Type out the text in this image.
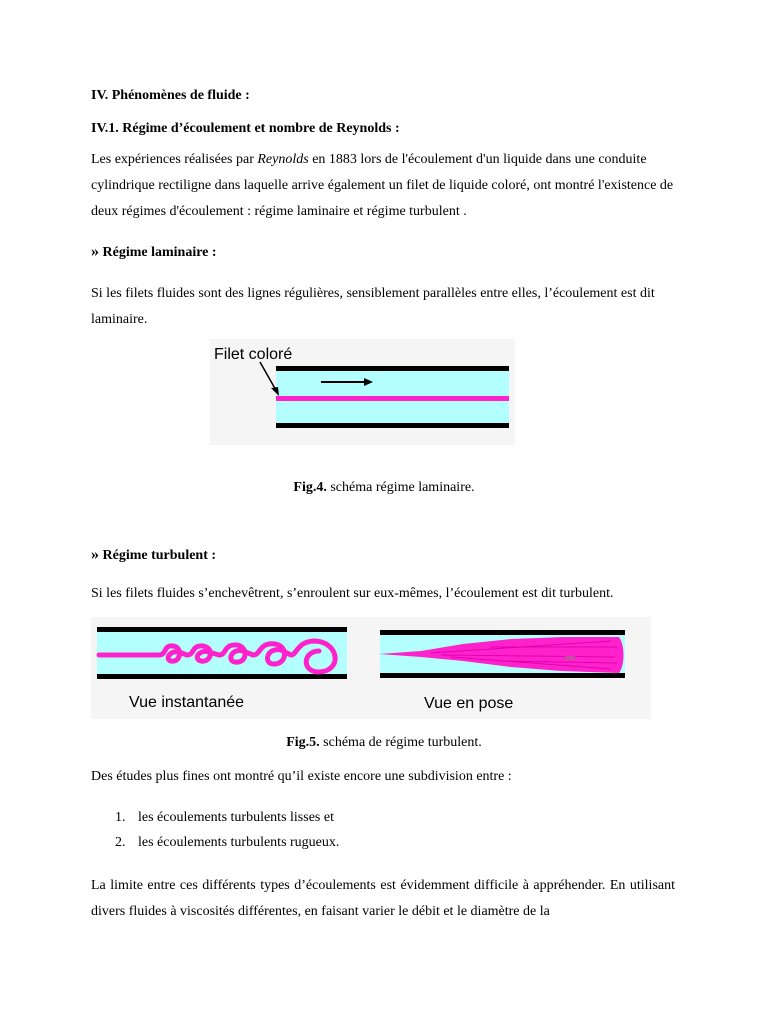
IV. Phénomènes de fluide :

IV.1. Régime d’écoulement et nombre de Reynolds :

Les expériences réalisées par Reynolds en 1883 lors de l'écoulement d'un liquide dans une conduite cylindrique rectiligne dans laquelle arrive également un filet de liquide coloré, ont montré l'existence de deux régimes d'écoulement : régime laminaire et régime turbulent .

» Régime laminaire :

Si les filets fluides sont des lignes régulières, sensiblement parallèles entre elles, l’écoulement est dit laminaire.

Filet coloré
Fig.4. schéma régime laminaire.

» Régime turbulent :

Si les filets fluides s’enchevêtrent, s’enroulent sur eux-mêmes, l’écoulement est dit turbulent.

Vue instantanée	Vue en pose
Fig.5. schéma de régime turbulent.

Des études plus fines ont montré qu’il existe encore une subdivision entre :

1. les écoulements turbulents lisses et
2. les écoulements turbulents rugueux.

La limite entre ces différents types d’écoulements est évidemment difficile à appréhender. En utilisant divers fluides à viscosités différentes, en faisant varier le débit et le diamètre de la
